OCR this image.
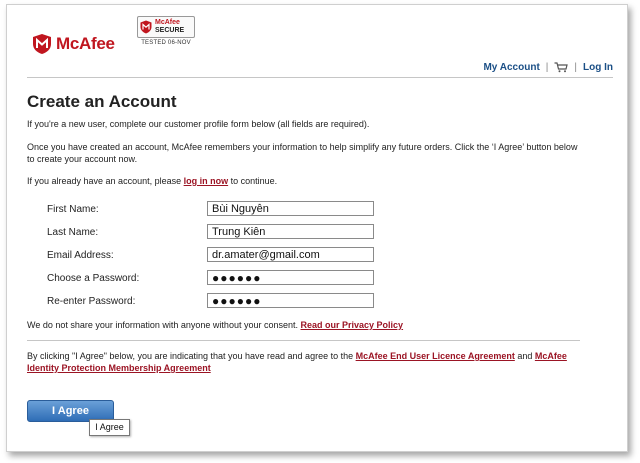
McAfee
McAfee
SECURE
TESTED 06-NOV
My Account |	| Log In
Create an Account
If you're a new user, complete our customer profile form below (all fields are required).
Once you have created an account, McAfee remembers your information to help simplify any future orders. Click the ‘I Agree’ button below to create your account now.
If you already have an account, please log in now to continue.
First Name:
Bùi Nguyễn
Last Name:
Trung Kiên
Email Address:
dr.amater@gmail.com
Choose a Password:
●●●●●●
Re-enter Password:
●●●●●●
We do not share your information with anyone without your consent. Read our Privacy Policy
By clicking "I Agree" below, you are indicating that you have read and agree to the McAfee End User Licence Agreement and McAfee Identity Protection Membership Agreement
I Agree
I Agree
